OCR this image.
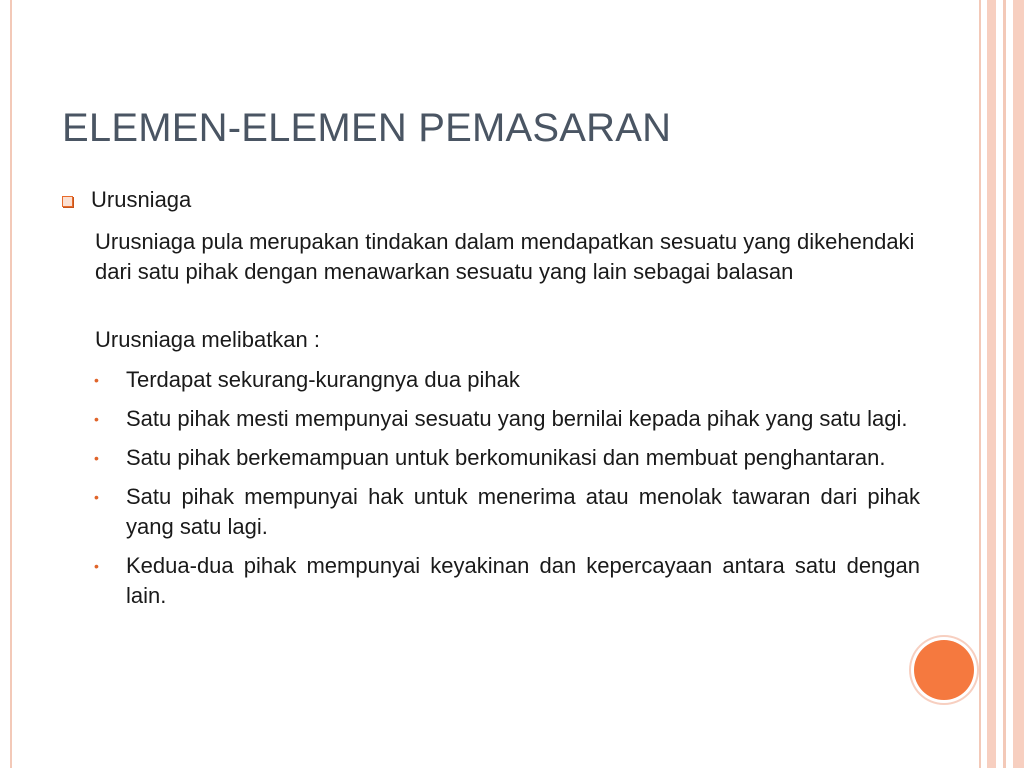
ELEMEN-ELEMEN PEMASARAN
Urusniaga
Urusniaga pula merupakan tindakan dalam mendapatkan sesuatu yang dikehendaki dari satu pihak dengan menawarkan sesuatu yang lain sebagai balasan
Urusniaga melibatkan :
• Terdapat sekurang-kurangnya dua pihak
• Satu pihak mesti mempunyai sesuatu yang bernilai kepada pihak yang satu lagi.
• Satu pihak berkemampuan untuk berkomunikasi dan membuat penghantaran.
• Satu pihak mempunyai hak untuk menerima atau menolak tawaran dari pihak yang satu lagi.
• Kedua-dua pihak mempunyai keyakinan dan kepercayaan antara satu dengan lain.
